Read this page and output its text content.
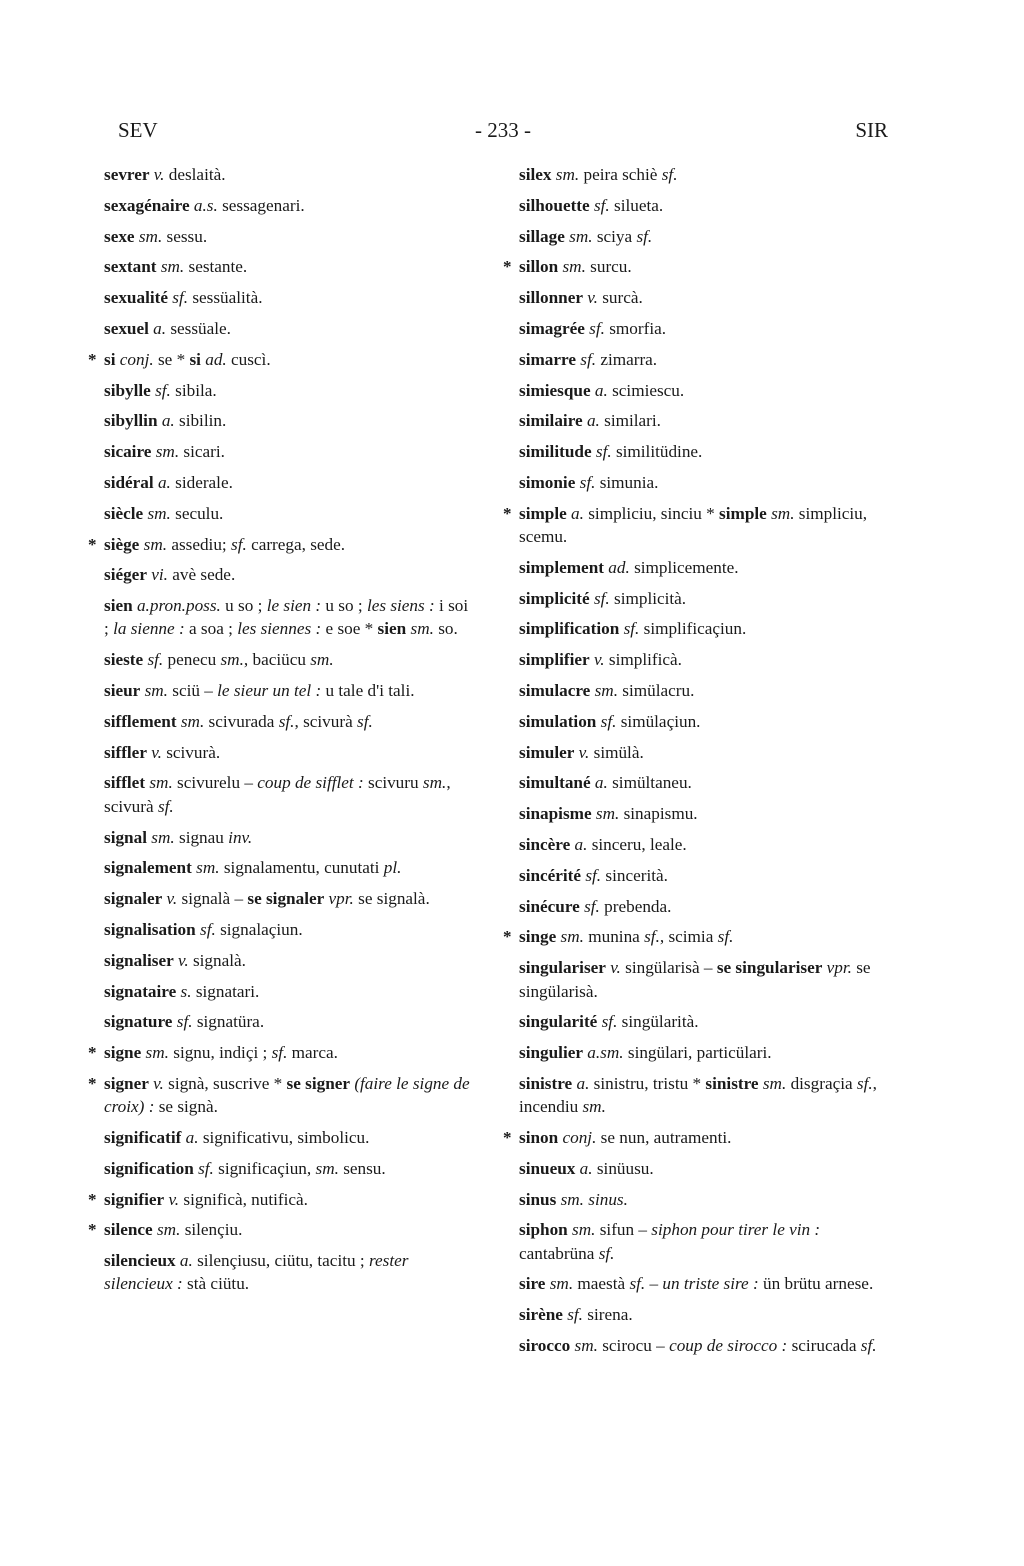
SEV	- 233 -	SIR
sevrer v. deslaità.
sexagénaire a.s. sessagenari.
sexe sm. sessu.
sextant sm. sestante.
sexualité sf. sessüalità.
sexuel a. sessüale.
* si conj. se * si ad. cuscì.
sibylle sf. sibila.
sibyllin a. sibilin.
sicaire sm. sicari.
sidéral a. siderale.
siècle sm. seculu.
* siège sm. assediu; sf. carrega, sede.
siéger vi. avè sede.
sien a.pron.poss. u so ; le sien : u so ; les siens : i soi ; la sienne : a soa ; les siennes : e soe * sien sm. so.
sieste sf. penecu sm., baciücu sm.
sieur sm. sciü – le sieur un tel : u tale d'i tali.
sifflement sm. scivurada sf., scivurà sf.
siffler v. scivurà.
sifflet sm. scivurelu – coup de sifflet : scivuru sm., scivurà sf.
signal sm. signau inv.
signalement sm. signalamentu, cunutati pl.
signaler v. signalà – se signaler vpr. se signalà.
signalisation sf. signalaçiun.
signaliser v. signalà.
signataire s. signatari.
signature sf. signatüra.
* signe sm. signu, indiçi ; sf. marca.
* signer v. signà, suscrive * se signer (faire le signe de croix) : se signà.
significatif a. significativu, simbolicu.
signification sf. significaçiun, sm. sensu.
* signifier v. significà, nutificà.
* silence sm. silençiu.
silencieux a. silençiusu, ciütu, tacitu ; rester silencieux : stà ciütu.
silex sm. peira schiè sf.
silhouette sf. silueta.
sillage sm. sciya sf.
* sillon sm. surcu.
sillonner v. surcà.
simagrée sf. smorfia.
simarre sf. zimarra.
simiesque a. scimiescu.
similaire a. similari.
similitude sf. similitüdine.
simonie sf. simunia.
* simple a. simpliciu, sinciu * simple sm. simpliciu, scemu.
simplement ad. simplicemente.
simplicité sf. simplicità.
simplification sf. simplificaçiun.
simplifier v. simplificà.
simulacre sm. simülacru.
simulation sf. simülaçiun.
simuler v. simülà.
simultané a. simültaneu.
sinapisme sm. sinapismu.
sincère a. sinceru, leale.
sincérité sf. sincerità.
sinécure sf. prebenda.
* singe sm. munina sf., scimia sf.
singulariser v. singülarisà – se singulariser vpr. se singülarisà.
singularité sf. singülarità.
singulier a.sm. singülari, particülari.
sinistre a. sinistru, tristu * sinistre sm. disgraçia sf., incendiu sm.
* sinon conj. se nun, autramenti.
sinueux a. sinüusu.
sinus sm. sinus.
siphon sm. sifun – siphon pour tirer le vin : cantabrüna sf.
sire sm. maestà sf. – un triste sire : ün brütu arnese.
sirène sf. sirena.
sirocco sm. scirocu – coup de sirocco : scirucada sf.
